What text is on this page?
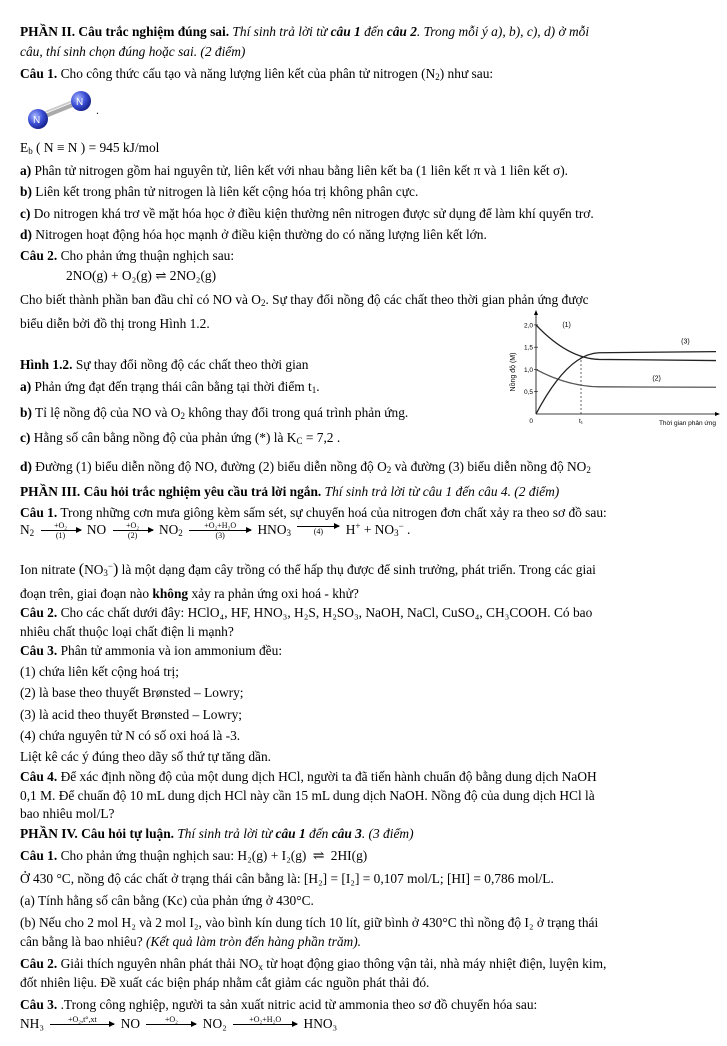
PHẦN II. Câu trắc nghiệm đúng sai. Thí sinh trả lời từ câu 1 đến câu 2. Trong mỗi ý a), b), c), d) ở mỗi
câu, thí sinh chọn đúng hoặc sai. (2 điểm)
Câu 1. Cho công thức cấu tạo và năng lượng liên kết của phân tử nitrogen $(N_2)$ như sau:
N
N
.
$E_b$ ( N ≡ N ) = 945 kJ/mol
a) Phân tử nitrogen gồm hai nguyên tử, liên kết với nhau bằng liên kết ba (1 liên kết π và 1 liên kết σ).
b) Liên kết trong phân tử nitrogen là liên kết cộng hóa trị không phân cực.
c) Do nitrogen khá trơ về mặt hóa học ở điều kiện thường nên nitrogen được sử dụng để làm khí quyển trơ.
d) Nitrogen hoạt động hóa học mạnh ở điều kiện thường do có năng lượng liên kết lớn.
Câu 2. Cho phản ứng thuận nghịch sau:
2NO(g) + O₂(g) ⇌ 2NO₂(g)
Cho biết thành phần ban đầu chỉ có NO và $O_2$. Sự thay đổi nồng độ các chất theo thời gian phản ứng được
biểu diễn bởi đồ thị trong Hình 1.2.
Hình 1.2. Sự thay đổi nồng độ các chất theo thời gian
a) Phản ứng đạt đến trạng thái cân bằng tại thời điểm $t_1$.
b) Tỉ lệ nồng độ của NO và $O_2$ không thay đổi trong quá trình phản ứng.
c) Hằng số cân bằng nồng độ của phản ứng (*) là $K_C = 7,2$ .
d) Đường (1) biểu diễn nồng độ NO, đường (2) biểu diễn nồng độ $O_2$ và đường (3) biểu diễn nồng độ $NO_2$
Nồng độ (M)
2,0
1,5
1,0
0,5
0	t₁	Thời gian phản ứng
(1)
(2)
(3)
PHẦN III. Câu hỏi trắc nghiệm yêu cầu trả lời ngắn. Thí sinh trả lời từ câu 1 đến câu 4. (2 điểm)
Câu 1. Trong những cơn mưa giông kèm sấm sét, sự chuyển hoá của nitrogen đơn chất xảy ra theo sơ đồ sau:
$N_2 \frac{\text{+O₂}}{(1)}$ NO $\frac{\text{+O₂}}{(2)} NO_2 \frac{\text{+O₂+H₂O}}{(3)} HNO_3$	(4)	$H^+ + NO_3^-$ .
Ion nitrate $(NO_3^-)$ là một dạng đạm cây trồng có thể hấp thụ được để sinh trưởng, phát triển. Trong các giai
đoạn trên, giai đoạn nào không xảy ra phản ứng oxi hoá - khử?
Câu 2. Cho các chất dưới đây: HClO₄, HF, HNO₃, H₂S, H₂SO₃, NaOH, NaCl, CuSO₄, CH₃COOH. Có bao
nhiêu chất thuộc loại chất điện li mạnh?
Câu 3. Phân tử ammonia và ion ammonium đều:
(1) chứa liên kết cộng hoá trị;
(2) là base theo thuyết Brønsted – Lowry;
(3) là acid theo thuyết Brønsted – Lowry;
(4) chứa nguyên tử N có số oxi hoá là -3.
Liệt kê các ý đúng theo dãy số thứ tự tăng dần.
Câu 4. Để xác định nồng độ của một dung dịch HCl, người ta đã tiến hành chuẩn độ bằng dung dịch NaOH
0,1 M. Để chuẩn độ 10 mL dung dịch HCl này cần 15 mL dung dịch NaOH. Nồng độ của dung dịch HCl là
bao nhiêu mol/L?
PHẦN IV. Câu hỏi tự luận. Thí sinh trả lời từ câu 1 đến câu 3. (3 điểm)
Câu 1. Cho phản ứng thuận nghịch sau: H₂(g) + I₂(g) ⇌ 2HI(g)
Ở 430 °C, nồng độ các chất ở trạng thái cân bằng là: [H₂] = [I₂] = 0,107 mol/L; [HI] = 0,786 mol/L.
(a) Tính hằng số cân bằng (Kc) của phản ứng ở 430°C.
(b) Nếu cho 2 mol H₂ và 2 mol I₂, vào bình kín dung tích 10 lít, giữ bình ở 430°C thì nồng độ I₂ ở trạng thái
cân bằng là bao nhiêu? (Kết quả làm tròn đến hàng phần trăm).
Câu 2. Giải thích nguyên nhân phát thải $NO_x$ từ hoạt động giao thông vận tải, nhà máy nhiệt điện, luyện kim,
đốt nhiên liệu. Đề xuất các biện pháp nhằm cắt giảm các nguồn phát thải đó.
Câu 3. .Trong công nghiệp, người ta sản xuất nitric acid từ ammonia theo sơ đồ chuyển hóa sau:
NH₃	+O₂,t°,xt
	NO	+O₂
	NO₂	+O₂+H₂O
	HNO₃
